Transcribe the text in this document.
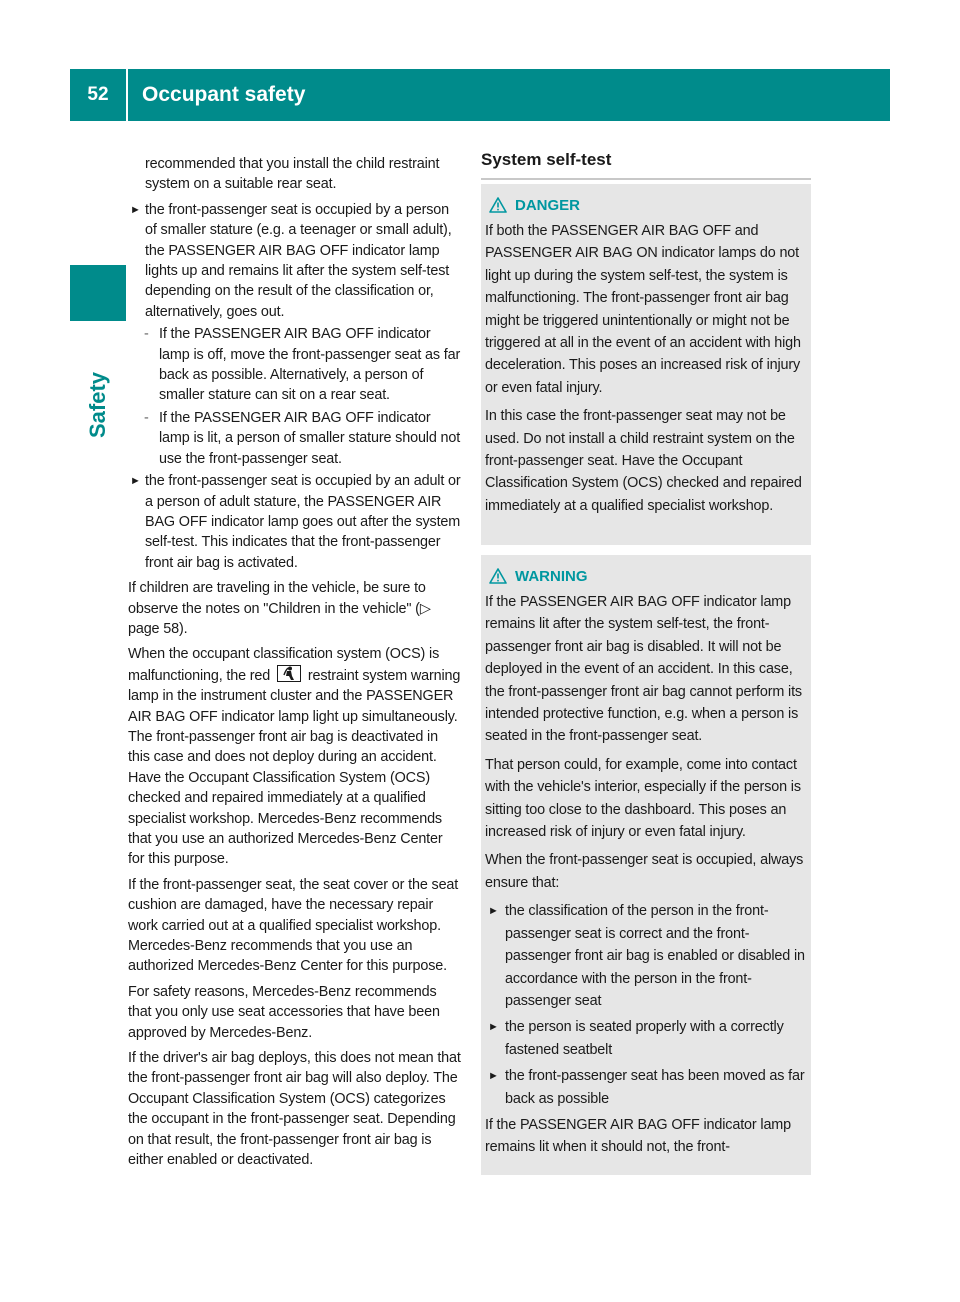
52	Occupant safety
Safety

recommended that you install the child restraint system on a suitable rear seat.

► the front-passenger seat is occupied by a person of smaller stature (e.g. a teenager or small adult), the PASSENGER AIR BAG OFF indicator lamp lights up and remains lit after the system self-test depending on the result of the classification or, alternatively, goes out.
- If the PASSENGER AIR BAG OFF indicator lamp is off, move the front-passenger seat as far back as possible. Alternatively, a person of smaller stature can sit on a rear seat.
- If the PASSENGER AIR BAG OFF indicator lamp is lit, a person of smaller stature should not use the front-passenger seat.
► the front-passenger seat is occupied by an adult or a person of adult stature, the PASSENGER AIR BAG OFF indicator lamp goes out after the system self-test. This indicates that the front-passenger front air bag is activated.

If children are traveling in the vehicle, be sure to observe the notes on "Children in the vehicle" (▷ page 58).

When the occupant classification system (OCS) is malfunctioning, the red	restraint system warning lamp in the instrument cluster and the PASSENGER AIR BAG OFF indicator lamp light up simultaneously. The front-passenger front air bag is deactivated in this case and does not deploy during an accident. Have the Occupant Classification System (OCS) checked and repaired immediately at a qualified specialist workshop. Mercedes-Benz recommends that you use an authorized Mercedes-Benz Center for this purpose.

If the front-passenger seat, the seat cover or the seat cushion are damaged, have the necessary repair work carried out at a qualified specialist workshop. Mercedes-Benz recommends that you use an authorized Mercedes-Benz Center for this purpose.

For safety reasons, Mercedes-Benz recommends that you only use seat accessories that have been approved by Mercedes-Benz.

If the driver's air bag deploys, this does not mean that the front-passenger front air bag will also deploy. The Occupant Classification System (OCS) categorizes the occupant in the front-passenger seat. Depending on that result, the front-passenger front air bag is either enabled or deactivated.

System self-test
DANGER

If both the PASSENGER AIR BAG OFF and PASSENGER AIR BAG ON indicator lamps do not light up during the system self-test, the system is malfunctioning. The front-passenger front air bag might be triggered unintentionally or might not be triggered at all in the event of an accident with high deceleration. This poses an increased risk of injury or even fatal injury.

In this case the front-passenger seat may not be used. Do not install a child restraint system on the front-passenger seat. Have the Occupant Classification System (OCS) checked and repaired immediately at a qualified specialist workshop.

WARNING

If the PASSENGER AIR BAG OFF indicator lamp remains lit after the system self-test, the front-passenger front air bag is disabled. It will not be deployed in the event of an accident. In this case, the front-passenger front air bag cannot perform its intended protective function, e.g. when a person is seated in the front-passenger seat.

That person could, for example, come into contact with the vehicle's interior, especially if the person is sitting too close to the dashboard. This poses an increased risk of injury or even fatal injury.

When the front-passenger seat is occupied, always ensure that:

► the classification of the person in the front-passenger seat is correct and the front-passenger front air bag is enabled or disabled in accordance with the person in the front-passenger seat
► the person is seated properly with a correctly fastened seatbelt
► the front-passenger seat has been moved as far back as possible

If the PASSENGER AIR BAG OFF indicator lamp remains lit when it should not, the front-
